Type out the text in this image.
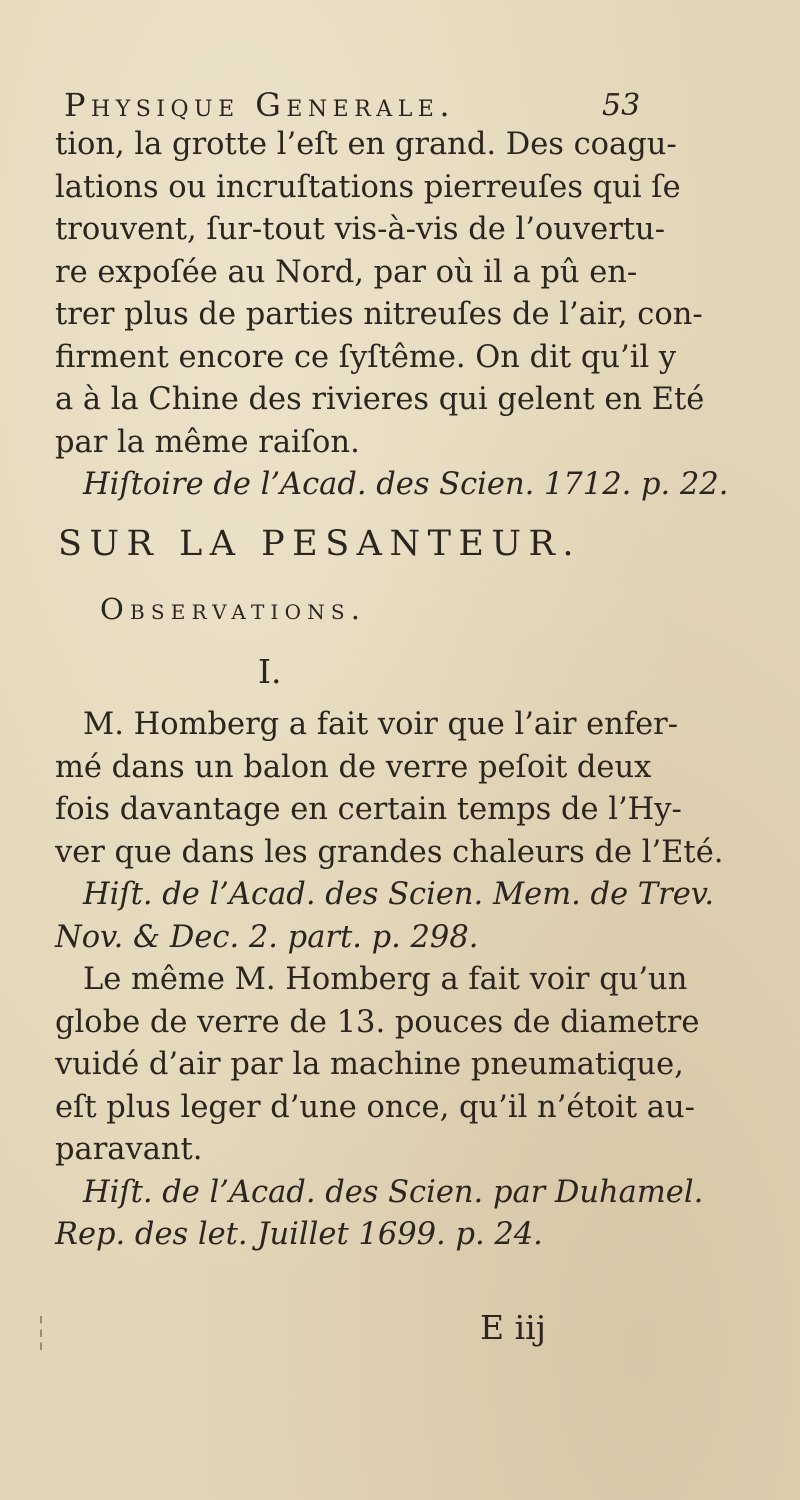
Physique Generale.	53
tion, la grotte l’eſt en grand. Des coagu-
lations ou incruſtations pierreuſes qui ſe
trouvent, ſur-tout vis-à-vis de l’ouvertu-
re expoſée au Nord, par où il a pû en-
trer plus de parties nitreuſes de l’air, con-
firment encore ce ſyſtême. On dit qu’il y
a à la Chine des rivieres qui gelent en Eté
par la même raiſon.
Hiſtoire de l’Acad. des Scien. 1712. p. 22.
SUR LA PESANTEUR.
Observations.
I.
M. Homberg a fait voir que l’air enfer-
mé dans un balon de verre peſoit deux
fois davantage en certain temps de l’Hy-
ver que dans les grandes chaleurs de l’Eté.
Hiſt. de l’Acad. des Scien. Mem. de Trev.
Nov. & Dec. 2. part. p. 298.
Le même M. Homberg a fait voir qu’un
globe de verre de 13. pouces de diametre
vuidé d’air par la machine pneumatique,
eſt plus leger d’une once, qu’il n’étoit au-
paravant.
Hiſt. de l’Acad. des Scien. par Duhamel.
Rep. des let. Juillet 1699. p. 24.
E iij
